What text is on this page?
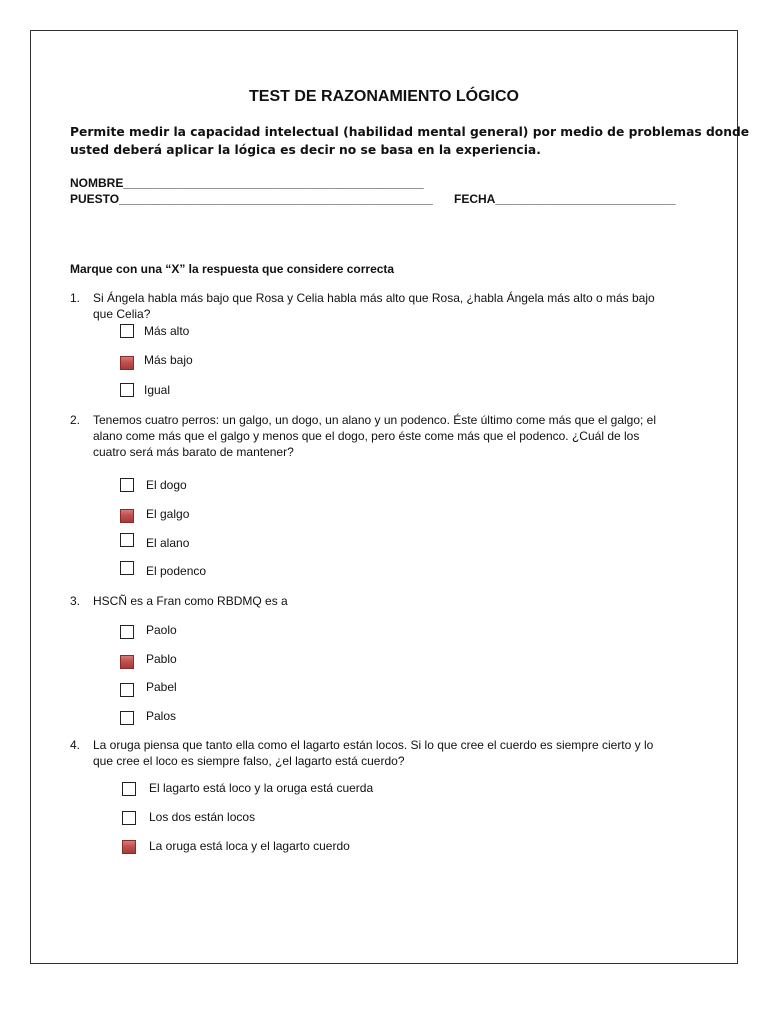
TEST DE RAZONAMIENTO LÓGICO
Permite medir la capacidad intelectual (habilidad mental general) por medio de problemas donde
usted deberá aplicar la lógica es decir no se basa en la experiencia.
NOMBRE_____________________________________________
PUESTO_______________________________________________ FECHA___________________________
Marque con una “X” la respuesta que considere correcta
1. Si Ángela habla más bajo que Rosa y Celia habla más alto que Rosa, ¿habla Ángela más alto o más bajo
que Celia?
Más alto
Más bajo
Igual
2. Tenemos cuatro perros: un galgo, un dogo, un alano y un podenco. Éste último come más que el galgo; el
alano come más que el galgo y menos que el dogo, pero éste come más que el podenco. ¿Cuál de los
cuatro será más barato de mantener?
El dogo
El galgo
El alano
El podenco
3. HSCÑ es a Fran como RBDMQ es a
Paolo
Pablo
Pabel
Palos
4. La oruga piensa que tanto ella como el lagarto están locos. Si lo que cree el cuerdo es siempre cierto y lo
que cree el loco es siempre falso, ¿el lagarto está cuerdo?
El lagarto está loco y la oruga está cuerda
Los dos están locos
La oruga está loca y el lagarto cuerdo
